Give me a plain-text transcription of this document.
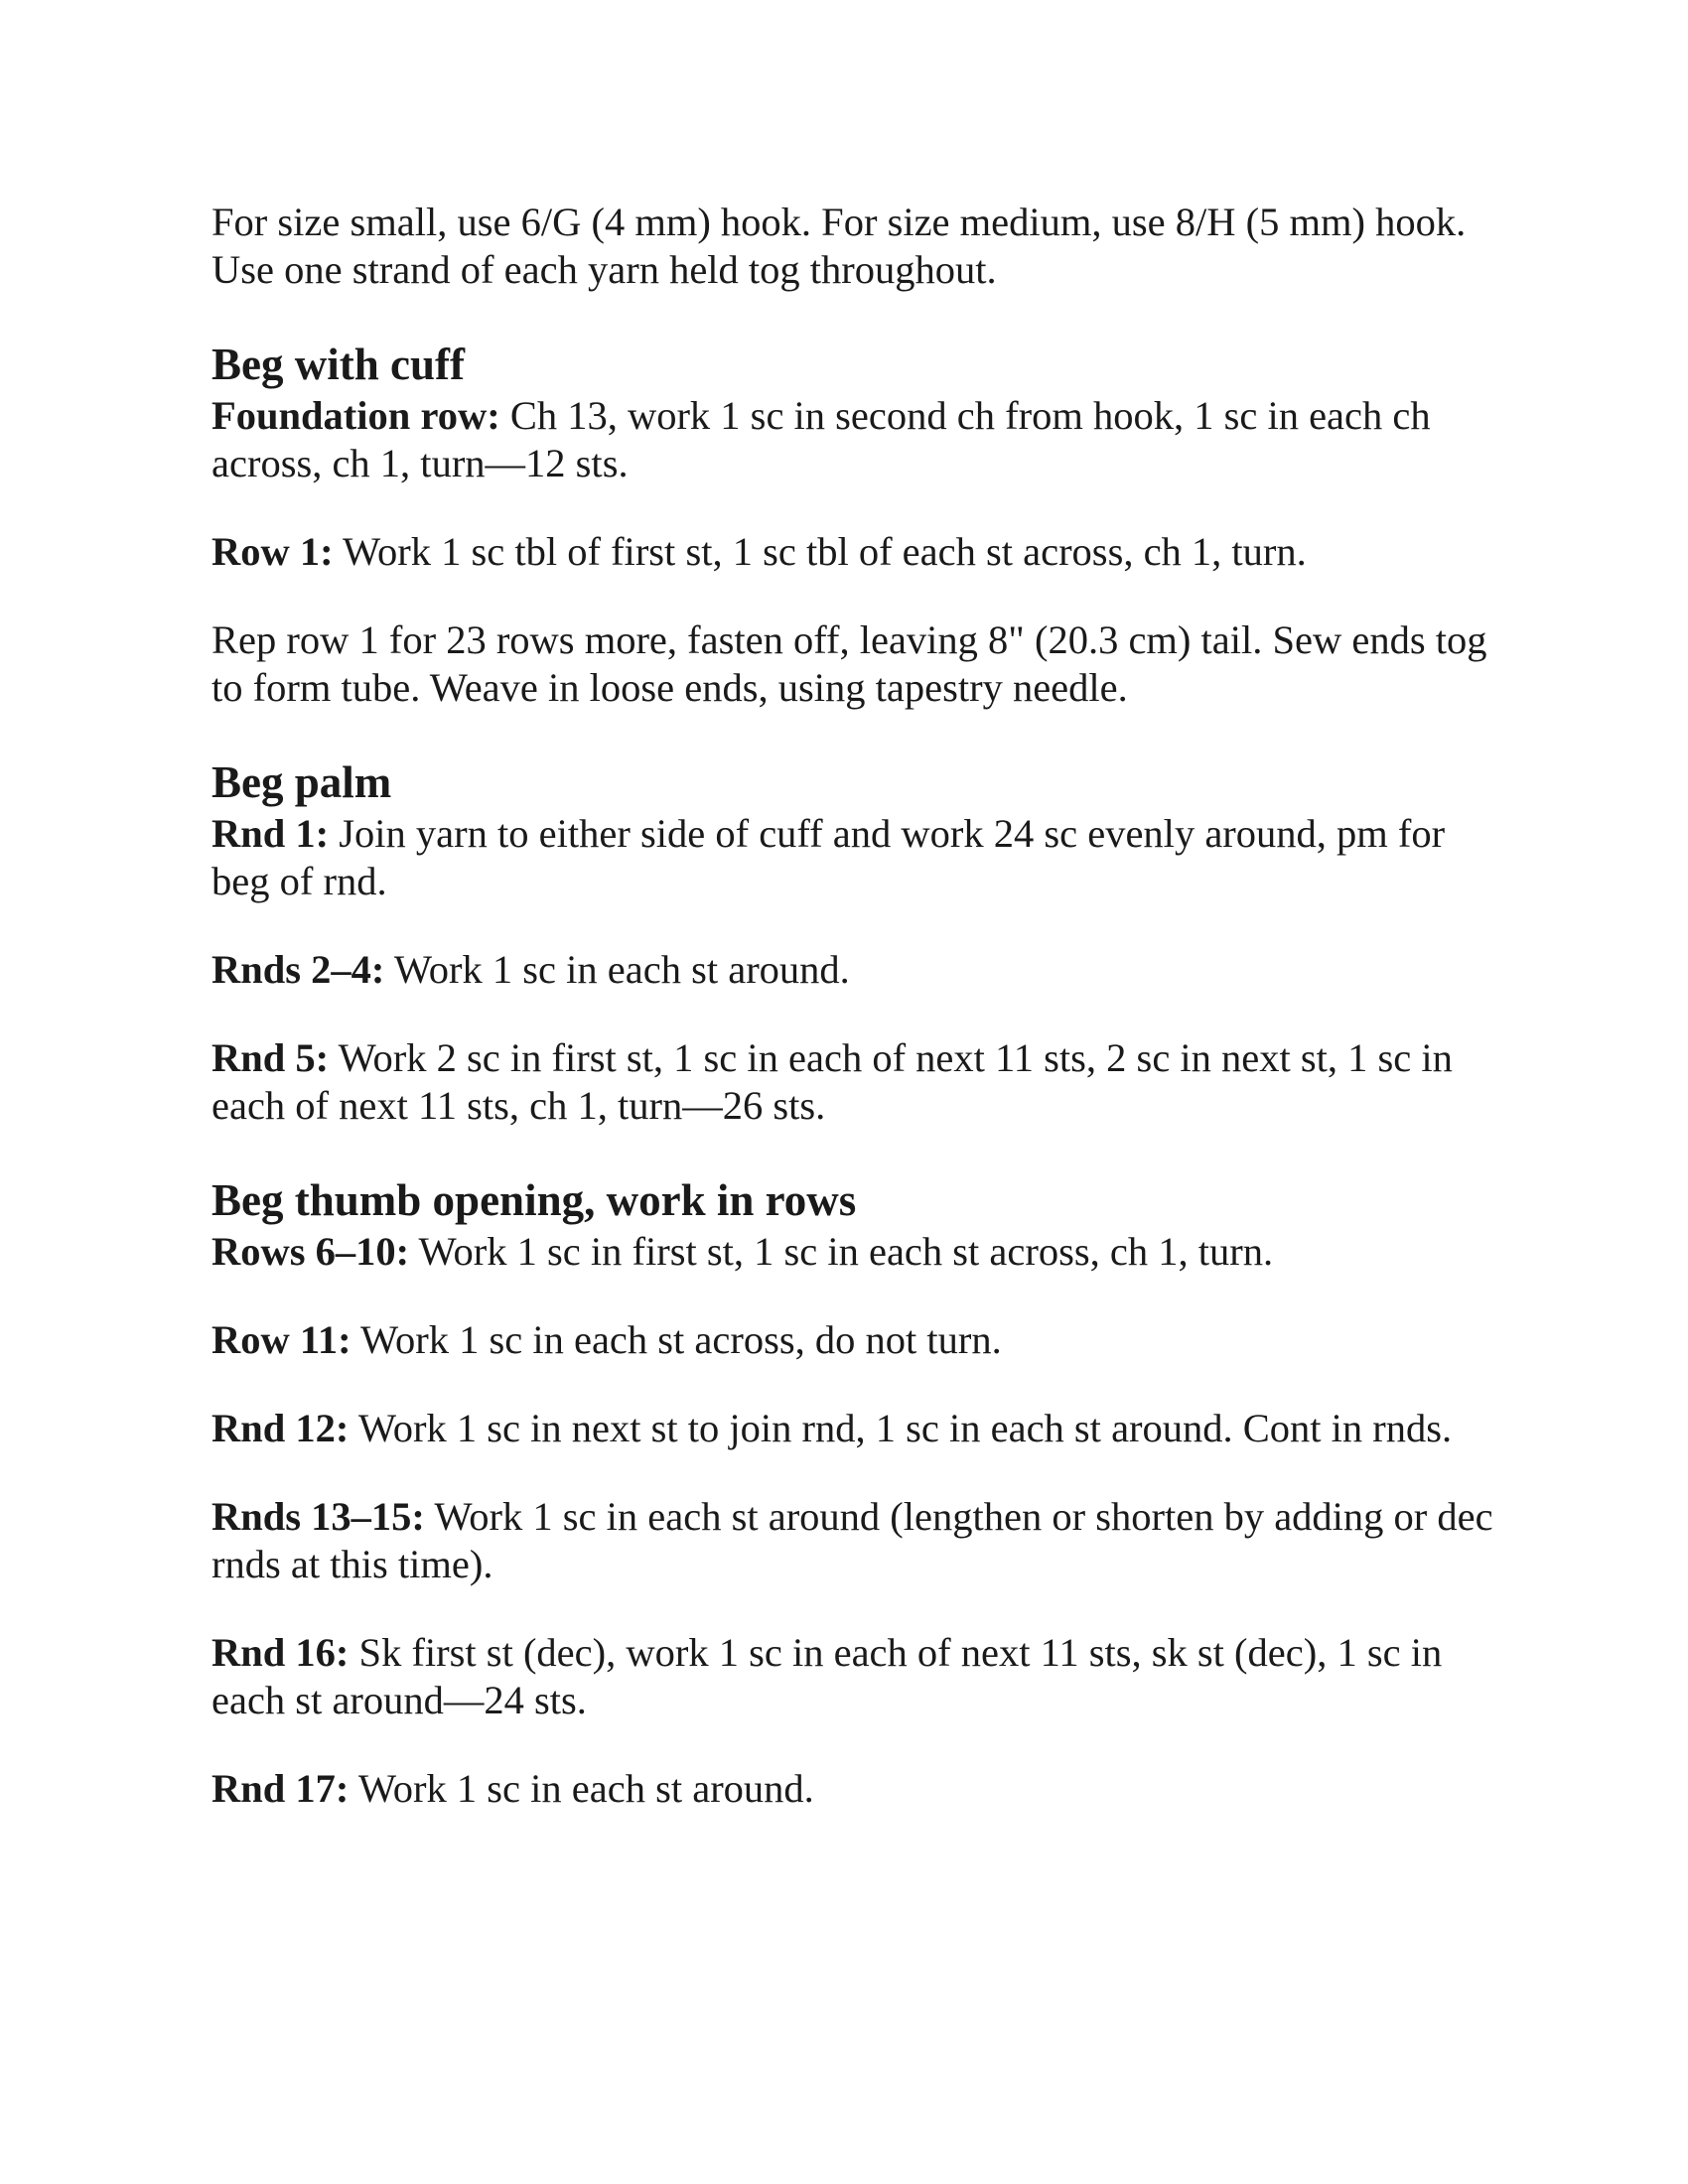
For size small, use 6/G (4 mm) hook. For size medium, use 8/H (5 mm) hook. Use one strand of each yarn held tog throughout.

Beg with cuff

Foundation row: Ch 13, work 1 sc in second ch from hook, 1 sc in each ch across, ch 1, turn—12 sts.

Row 1: Work 1 sc tbl of first st, 1 sc tbl of each st across, ch 1, turn.

Rep row 1 for 23 rows more, fasten off, leaving 8" (20.3 cm) tail. Sew ends tog to form tube. Weave in loose ends, using tapestry needle.

Beg palm

Rnd 1: Join yarn to either side of cuff and work 24 sc evenly around, pm for beg of rnd.

Rnds 2–4: Work 1 sc in each st around.

Rnd 5: Work 2 sc in first st, 1 sc in each of next 11 sts, 2 sc in next st, 1 sc in each of next 11 sts, ch 1, turn—26 sts.

Beg thumb opening, work in rows

Rows 6–10: Work 1 sc in first st, 1 sc in each st across, ch 1, turn.

Row 11: Work 1 sc in each st across, do not turn.

Rnd 12: Work 1 sc in next st to join rnd, 1 sc in each st around. Cont in rnds.

Rnds 13–15: Work 1 sc in each st around (lengthen or shorten by adding or dec rnds at this time).

Rnd 16: Sk first st (dec), work 1 sc in each of next 11 sts, sk st (dec), 1 sc in each st around—24 sts.

Rnd 17: Work 1 sc in each st around.
